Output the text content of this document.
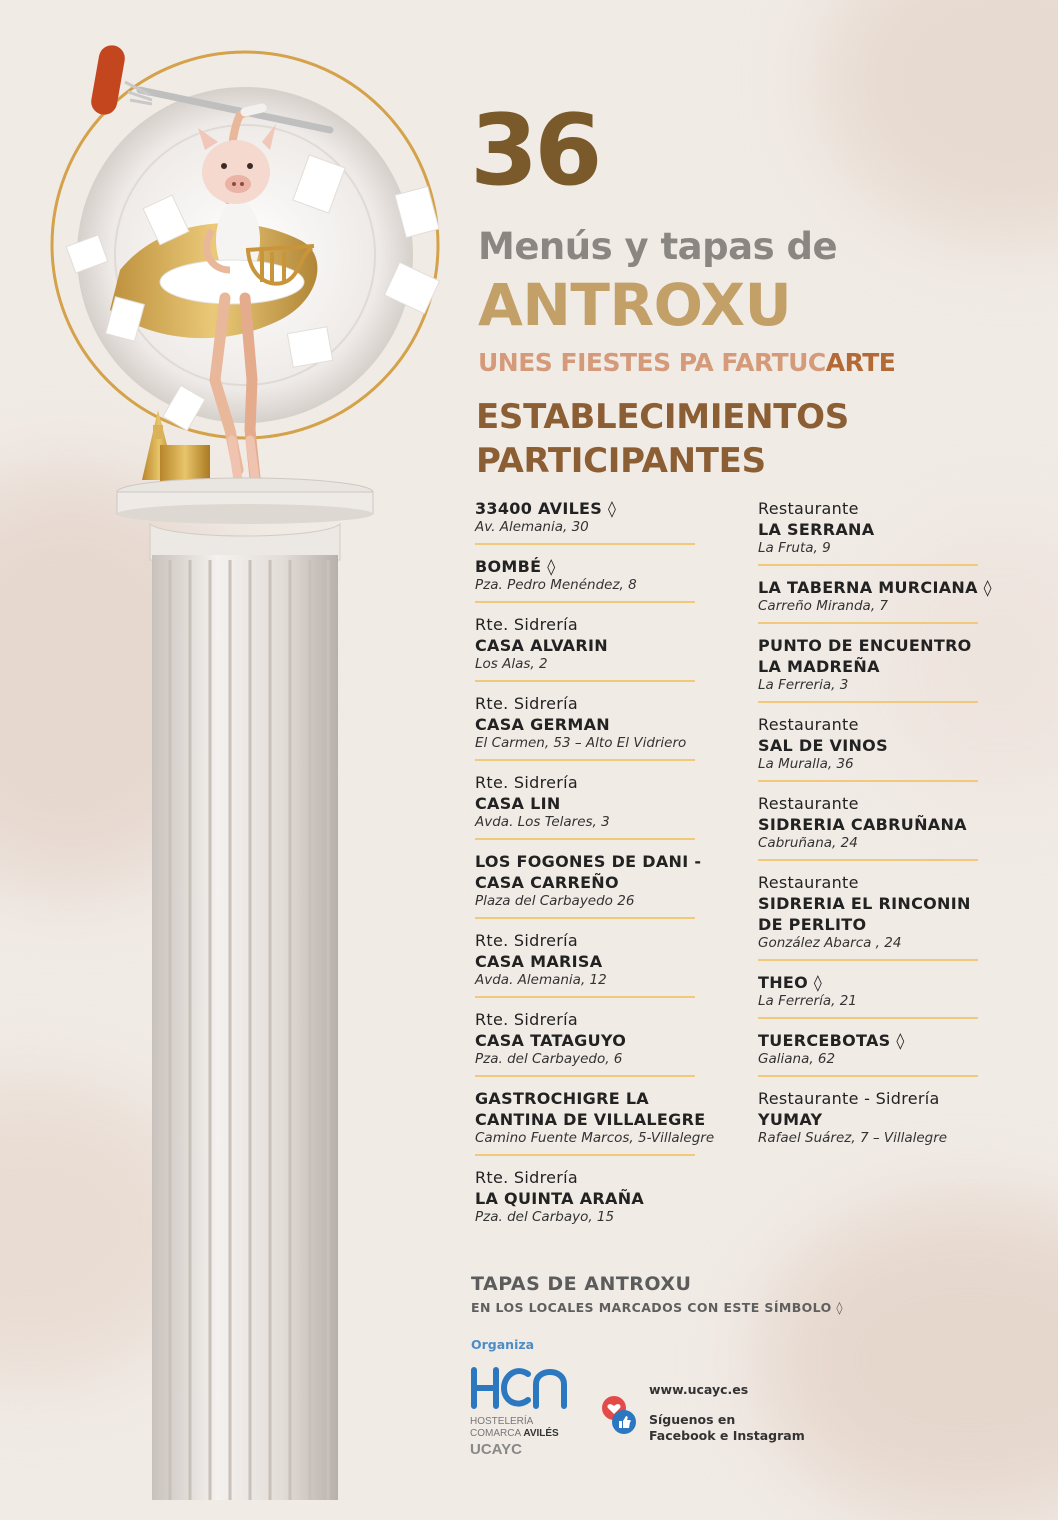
36
Menús y tapas de
ANTROXU
UNES FIESTES PA FARTUCARTE
ESTABLECIMIENTOS
PARTICIPANTES
33400 AVILES ◊
Av. Alemania, 30
BOMBÉ ◊
Pza. Pedro Menéndez, 8
Rte. Sidrería
CASA ALVARIN
Los Alas, 2
Rte. Sidrería
CASA GERMAN
El Carmen, 53 – Alto El Vidriero
Rte. Sidrería
CASA LIN
Avda. Los Telares, 3
LOS FOGONES DE DANI -
CASA CARREÑO
Plaza del Carbayedo 26
Rte. Sidrería
CASA MARISA
Avda. Alemania, 12
Rte. Sidrería
CASA TATAGUYO
Pza. del Carbayedo, 6
GASTROCHIGRE LA
CANTINA DE VILLALEGRE
Camino Fuente Marcos, 5-Villalegre
Rte. Sidrería
LA QUINTA ARAÑA
Pza. del Carbayo, 15
Restaurante
LA SERRANA
La Fruta, 9
LA TABERNA MURCIANA ◊
Carreño Miranda, 7
PUNTO DE ENCUENTRO
LA MADREÑA
La Ferreria, 3
Restaurante
SAL DE VINOS
La Muralla, 36
Restaurante
SIDRERIA CABRUÑANA
Cabruñana, 24
Restaurante
SIDRERIA EL RINCONIN
DE PERLITO
González Abarca , 24
THEO ◊
La Ferrería, 21
TUERCEBOTAS ◊
Galiana, 62
Restaurante - Sidrería
YUMAY
Rafael Suárez, 7 – Villalegre
TAPAS DE ANTROXU
EN LOS LOCALES MARCADOS CON ESTE SÍMBOLO ◊
Organiza
HOSTELERÍA
COMARCA AVILÉS
UCAYC
www.ucayc.es
Síguenos en
Facebook e Instagram
